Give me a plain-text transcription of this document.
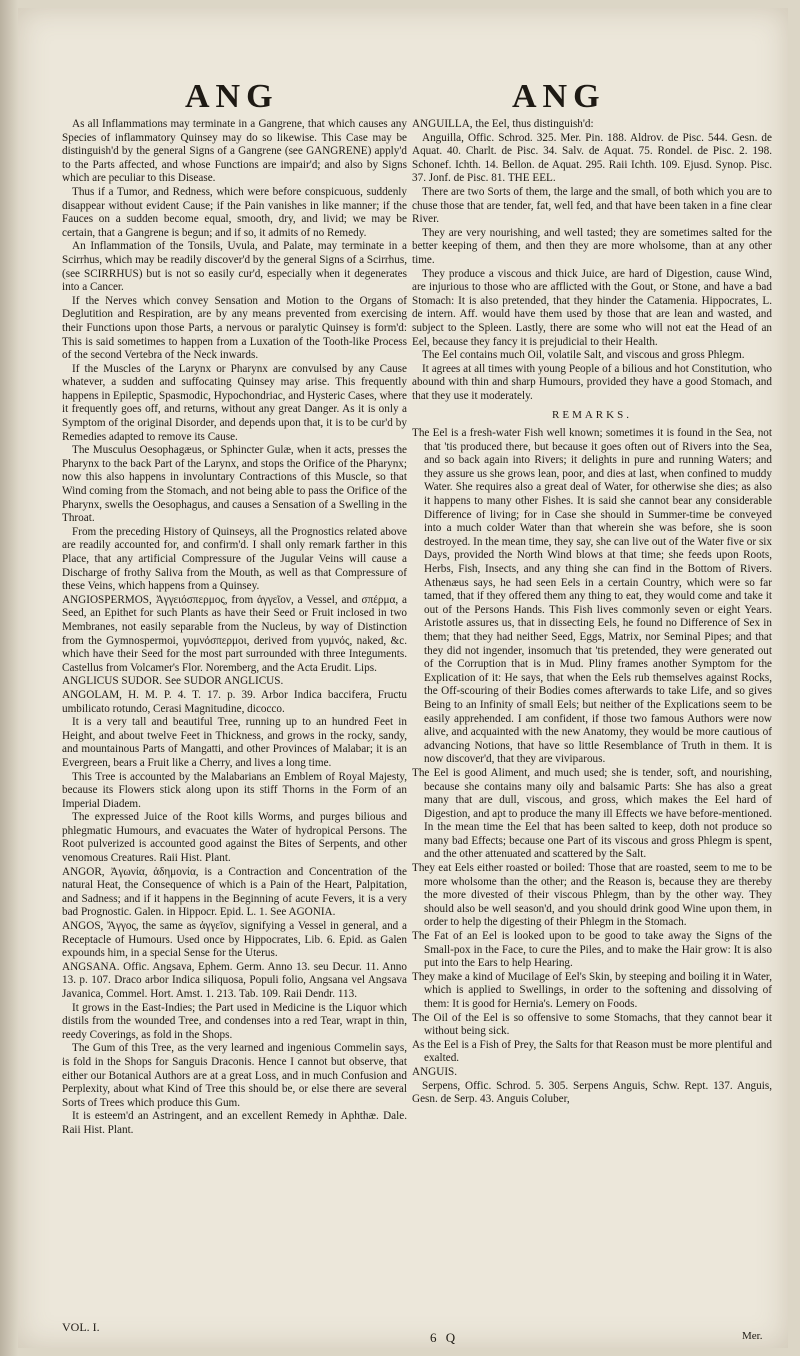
ANG	ANG

As all Inflammations may terminate in a Gangrene, that which causes any Species of inflammatory Quinsey may do so likewise. This Case may be distinguish'd by the general Signs of a Gangrene (see GANGRENE) apply'd to the Parts affected, and whose Functions are impair'd; and also by Signs which are peculiar to this Disease.

Thus if a Tumor, and Redness, which were before conspicuous, suddenly disappear without evident Cause; if the Pain vanishes in like manner; if the Fauces on a sudden become equal, smooth, dry, and livid; we may be certain, that a Gangrene is begun; and if so, it admits of no Remedy.

An Inflammation of the Tonsils, Uvula, and Palate, may terminate in a Scirrhus, which may be readily discover'd by the general Signs of a Scirrhus, (see SCIRRHUS) but is not so easily cur'd, especially when it degenerates into a Cancer.

If the Nerves which convey Sensation and Motion to the Organs of Deglutition and Respiration, are by any means prevented from exercising their Functions upon those Parts, a nervous or paralytic Quinsey is form'd: This is said sometimes to happen from a Luxation of the Tooth-like Process of the second Vertebra of the Neck inwards.

If the Muscles of the Larynx or Pharynx are convulsed by any Cause whatever, a sudden and suffocating Quinsey may arise. This frequently happens in Epileptic, Spasmodic, Hypochondriac, and Hysteric Cases, where it frequently goes off, and returns, without any great Danger. As it is only a Symptom of the original Disorder, and depends upon that, it is to be cur'd by Remedies adapted to remove its Cause.

The Musculus Oesophagæus, or Sphincter Gulæ, when it acts, presses the Pharynx to the back Part of the Larynx, and stops the Orifice of the Pharynx; now this also happens in involuntary Contractions of this Muscle, so that Wind coming from the Stomach, and not being able to pass the Orifice of the Pharynx, swells the Oesophagus, and causes a Sensation of a Swelling in the Throat.

From the preceding History of Quinseys, all the Prognostics related above are readily accounted for, and confirm'd. I shall only remark farther in this Place, that any artificial Compressure of the Jugular Veins will cause a Discharge of frothy Saliva from the Mouth, as well as that Compressure of these Veins, which happens from a Quinsey.

ANGIOSPERMOS, Ἀγγειόσπερμος, from ἀγγεῖον, a Vessel, and σπέρμα, a Seed, an Epithet for such Plants as have their Seed or Fruit inclosed in two Membranes, not easily separable from the Nucleus, by way of Distinction from the Gymnospermoi, γυμνόσπερμοι, derived from γυμνός, naked, &c. which have their Seed for the most part surrounded with three Integuments. Castellus from Volcamer's Flor. Noremberg, and the Acta Erudit. Lips.

ANGLICUS SUDOR. See SUDOR ANGLICUS.

ANGOLAM, H. M. P. 4. T. 17. p. 39. Arbor Indica baccifera, Fructu umbilicato rotundo, Cerasi Magnitudine, dicocco.

It is a very tall and beautiful Tree, running up to an hundred Feet in Height, and about twelve Feet in Thickness, and grows in the rocky, sandy, and mountainous Parts of Mangatti, and other Provinces of Malabar; it is an Evergreen, bears a Fruit like a Cherry, and lives a long time.

This Tree is accounted by the Malabarians an Emblem of Royal Majesty, because its Flowers stick along upon its stiff Thorns in the Form of an Imperial Diadem.

The expressed Juice of the Root kills Worms, and purges bilious and phlegmatic Humours, and evacuates the Water of hydropical Persons. The Root pulverized is accounted good against the Bites of Serpents, and other venomous Creatures. Raii Hist. Plant.

ANGOR, Ἀγωνία, ἀδημονία, is a Contraction and Concentration of the natural Heat, the Consequence of which is a Pain of the Heart, Palpitation, and Sadness; and if it happens in the Beginning of acute Fevers, it is a very bad Prognostic. Galen. in Hippocr. Epid. L. 1. See AGONIA.

ANGOS, Ἄγγος, the same as ἀγγεῖον, signifying a Vessel in general, and a Receptacle of Humours. Used once by Hippocrates, Lib. 6. Epid. as Galen expounds him, in a special Sense for the Uterus.

ANGSANA. Offic. Angsava, Ephem. Germ. Anno 13. seu Decur. 11. Anno 13. p. 107. Draco arbor Indica siliquosa, Populi folio, Angsana vel Angsava Javanica, Commel. Hort. Amst. 1. 213. Tab. 109. Raii Dendr. 113.

It grows in the East-Indies; the Part used in Medicine is the Liquor which distils from the wounded Tree, and condenses into a red Tear, wrapt in thin, reedy Coverings, as fold in the Shops.

The Gum of this Tree, as the very learned and ingenious Commelin says, is fold in the Shops for Sanguis Draconis. Hence I cannot but observe, that either our Botanical Authors are at a great Loss, and in much Confusion and Perplexity, about what Kind of Tree this should be, or else there are several Sorts of Trees which produce this Gum.

It is esteem'd an Astringent, and an excellent Remedy in Aphthæ. Dale. Raii Hist. Plant.

ANGUILLA, the Eel, thus distinguish'd:

Anguilla, Offic. Schrod. 325. Mer. Pin. 188. Aldrov. de Pisc. 544. Gesn. de Aquat. 40. Charlt. de Pisc. 34. Salv. de Aquat. 75. Rondel. de Pisc. 2. 198. Schonef. Ichth. 14. Bellon. de Aquat. 295. Raii Ichth. 109. Ejusd. Synop. Pisc. 37. Jonf. de Pisc. 81. THE EEL.

There are two Sorts of them, the large and the small, of both which you are to chuse those that are tender, fat, well fed, and that have been taken in a fine clear River.

They are very nourishing, and well tasted; they are sometimes salted for the better keeping of them, and then they are more wholsome, than at any other time.

They produce a viscous and thick Juice, are hard of Digestion, cause Wind, are injurious to those who are afflicted with the Gout, or Stone, and have a bad Stomach: It is also pretended, that they hinder the Catamenia. Hippocrates, L. de intern. Aff. would have them used by those that are lean and wasted, and subject to the Spleen. Lastly, there are some who will not eat the Head of an Eel, because they fancy it is prejudicial to their Health.

The Eel contains much Oil, volatile Salt, and viscous and gross Phlegm.

It agrees at all times with young People of a bilious and hot Constitution, who abound with thin and sharp Humours, provided they have a good Stomach, and that they use it moderately.

REMARKS.

The Eel is a fresh-water Fish well known; sometimes it is found in the Sea, not that 'tis produced there, but because it goes often out of Rivers into the Sea, and so back again into Rivers; it delights in pure and running Waters; and they assure us she grows lean, poor, and dies at last, when confined to muddy Water. She requires also a great deal of Water, for otherwise she dies; as also it happens to many other Fishes. It is said she cannot bear any considerable Difference of living; for in Case she should in Summer-time be conveyed into a much colder Water than that wherein she was before, she is soon destroyed. In the mean time, they say, she can live out of the Water five or six Days, provided the North Wind blows at that time; she feeds upon Roots, Herbs, Fish, Insects, and any thing she can find in the Bottom of Rivers. Athenæus says, he had seen Eels in a certain Country, which were so far tamed, that if they offered them any thing to eat, they would come and take it out of the Persons Hands. This Fish lives commonly seven or eight Years. Aristotle assures us, that in dissecting Eels, he found no Difference of Sex in them; that they had neither Seed, Eggs, Matrix, nor Seminal Pipes; and that they did not ingender, insomuch that 'tis pretended, they were generated out of the Corruption that is in Mud. Pliny frames another Symptom for the Explication of it: He says, that when the Eels rub themselves against Rocks, the Off-scouring of their Bodies comes afterwards to take Life, and so gives Being to an Infinity of small Eels; but neither of the Explications seem to be easily apprehended. I am confident, if those two famous Authors were now alive, and acquainted with the new Anatomy, they would be more cautious of advancing Notions, that have so little Resemblance of Truth in them. It is now discover'd, that they are viviparous.

The Eel is good Aliment, and much used; she is tender, soft, and nourishing, because she contains many oily and balsamic Parts: She has also a great many that are dull, viscous, and gross, which makes the Eel hard of Digestion, and apt to produce the many ill Effects we have before-mentioned. In the mean time the Eel that has been salted to keep, doth not produce so many bad Effects; because one Part of its viscous and gross Phlegm is spent, and the other attenuated and scattered by the Salt.

They eat Eels either roasted or boiled: Those that are roasted, seem to me to be more wholsome than the other; and the Reason is, because they are thereby the more divested of their viscous Phlegm, than by the other way. They should also be well season'd, and you should drink good Wine upon them, in order to help the digesting of their Phlegm in the Stomach.

The Fat of an Eel is looked upon to be good to take away the Signs of the Small-pox in the Face, to cure the Piles, and to make the Hair grow: It is also put into the Ears to help Hearing.

They make a kind of Mucilage of Eel's Skin, by steeping and boiling it in Water, which is applied to Swellings, in order to the softening and dissolving of them: It is good for Hernia's. Lemery on Foods.

The Oil of the Eel is so offensive to some Stomachs, that they cannot bear it without being sick.

As the Eel is a Fish of Prey, the Salts for that Reason must be more plentiful and exalted.

ANGUIS.

Serpens, Offic. Schrod. 5. 305. Serpens Anguis, Schw. Rept. 137. Anguis, Gesn. de Serp. 43. Anguis Coluber,

VOL. I.
6 Q	Mer.
